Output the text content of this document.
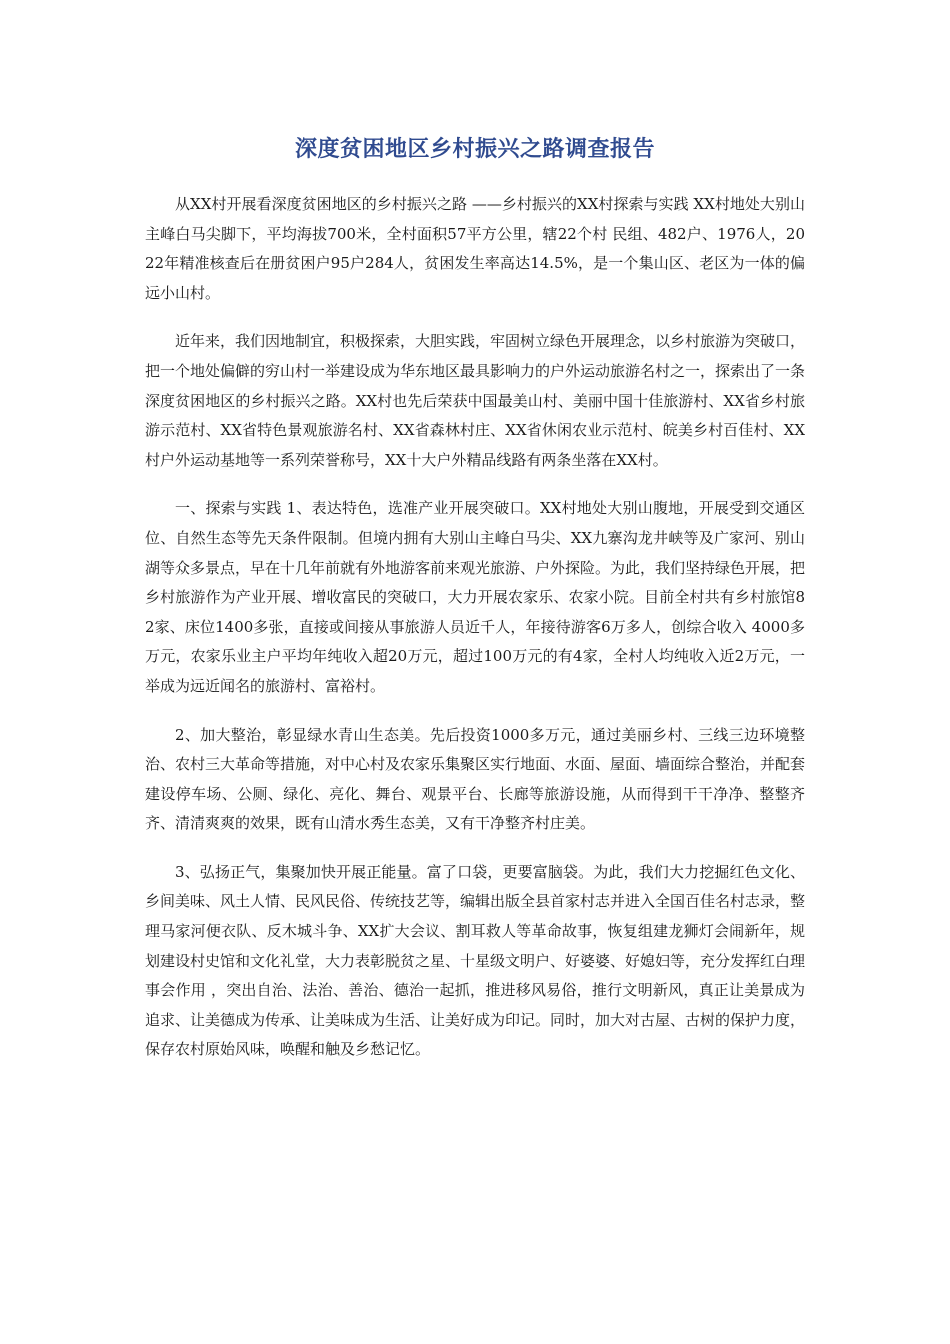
深度贫困地区乡村振兴之路调查报告

从XX村开展看深度贫困地区的乡村振兴之路 ——乡村振兴的XX村探索与实践 XX村地处大别山主峰白马尖脚下，平均海拔700米，全村面积57平方公里，辖22个村 民组、482户、1976人，2022年精准核查后在册贫困户95户284人，贫困发生率高达14.5%，是一个集山区、老区为一体的偏远小山村。

近年来，我们因地制宜，积极探索，大胆实践，牢固树立绿色开展理念，以乡村旅游为突破口，把一个地处偏僻的穷山村一举建设成为华东地区最具影响力的户外运动旅游名村之一，探索出了一条深度贫困地区的乡村振兴之路。XX村也先后荣获中国最美山村、美丽中国十佳旅游村、XX省乡村旅游示范村、XX省特色景观旅游名村、XX省森林村庄、XX省休闲农业示范村、皖美乡村百佳村、XX村户外运动基地等一系列荣誉称号，XX十大户外精品线路有两条坐落在XX村。

一、探索与实践 1、表达特色，选准产业开展突破口。XX村地处大别山腹地，开展受到交通区位、自然生态等先天条件限制。但境内拥有大别山主峰白马尖、XX九寨沟龙井峡等及广家河、别山湖等众多景点，早在十几年前就有外地游客前来观光旅游、户外探险。为此，我们坚持绿色开展，把乡村旅游作为产业开展、增收富民的突破口，大力开展农家乐、农家小院。目前全村共有乡村旅馆82家、床位1400多张，直接或间接从事旅游人员近千人，年接待游客6万多人，创综合收入 4000多万元，农家乐业主户平均年纯收入超20万元，超过100万元的有4家，全村人均纯收入近2万元，一举成为远近闻名的旅游村、富裕村。

2、加大整治，彰显绿水青山生态美。先后投资1000多万元，通过美丽乡村、三线三边环境整治、农村三大革命等措施，对中心村及农家乐集聚区实行地面、水面、屋面、墙面综合整治，并配套建设停车场、公厕、绿化、亮化、舞台、观景平台、长廊等旅游设施，从而得到干干净净、整整齐齐、清清爽爽的效果，既有山清水秀生态美，又有干净整齐村庄美。

3、弘扬正气，集聚加快开展正能量。富了口袋，更要富脑袋。为此，我们大力挖掘红色文化、乡间美味、风土人情、民风民俗、传统技艺等，编辑出版全县首家村志并进入全国百佳名村志录，整理马家河便衣队、反木城斗争、XX扩大会议、割耳救人等革命故事，恢复组建龙狮灯会闹新年，规划建设村史馆和文化礼堂，大力表彰脱贫之星、十星级文明户、好婆婆、好媳妇等，充分发挥红白理事会作用 ，突出自治、法治、善治、德治一起抓，推进移风易俗，推行文明新风，真正让美景成为追求、让美德成为传承、让美味成为生活、让美好成为印记。同时，加大对古屋、古树的保护力度，保存农村原始风味，唤醒和触及乡愁记忆。
